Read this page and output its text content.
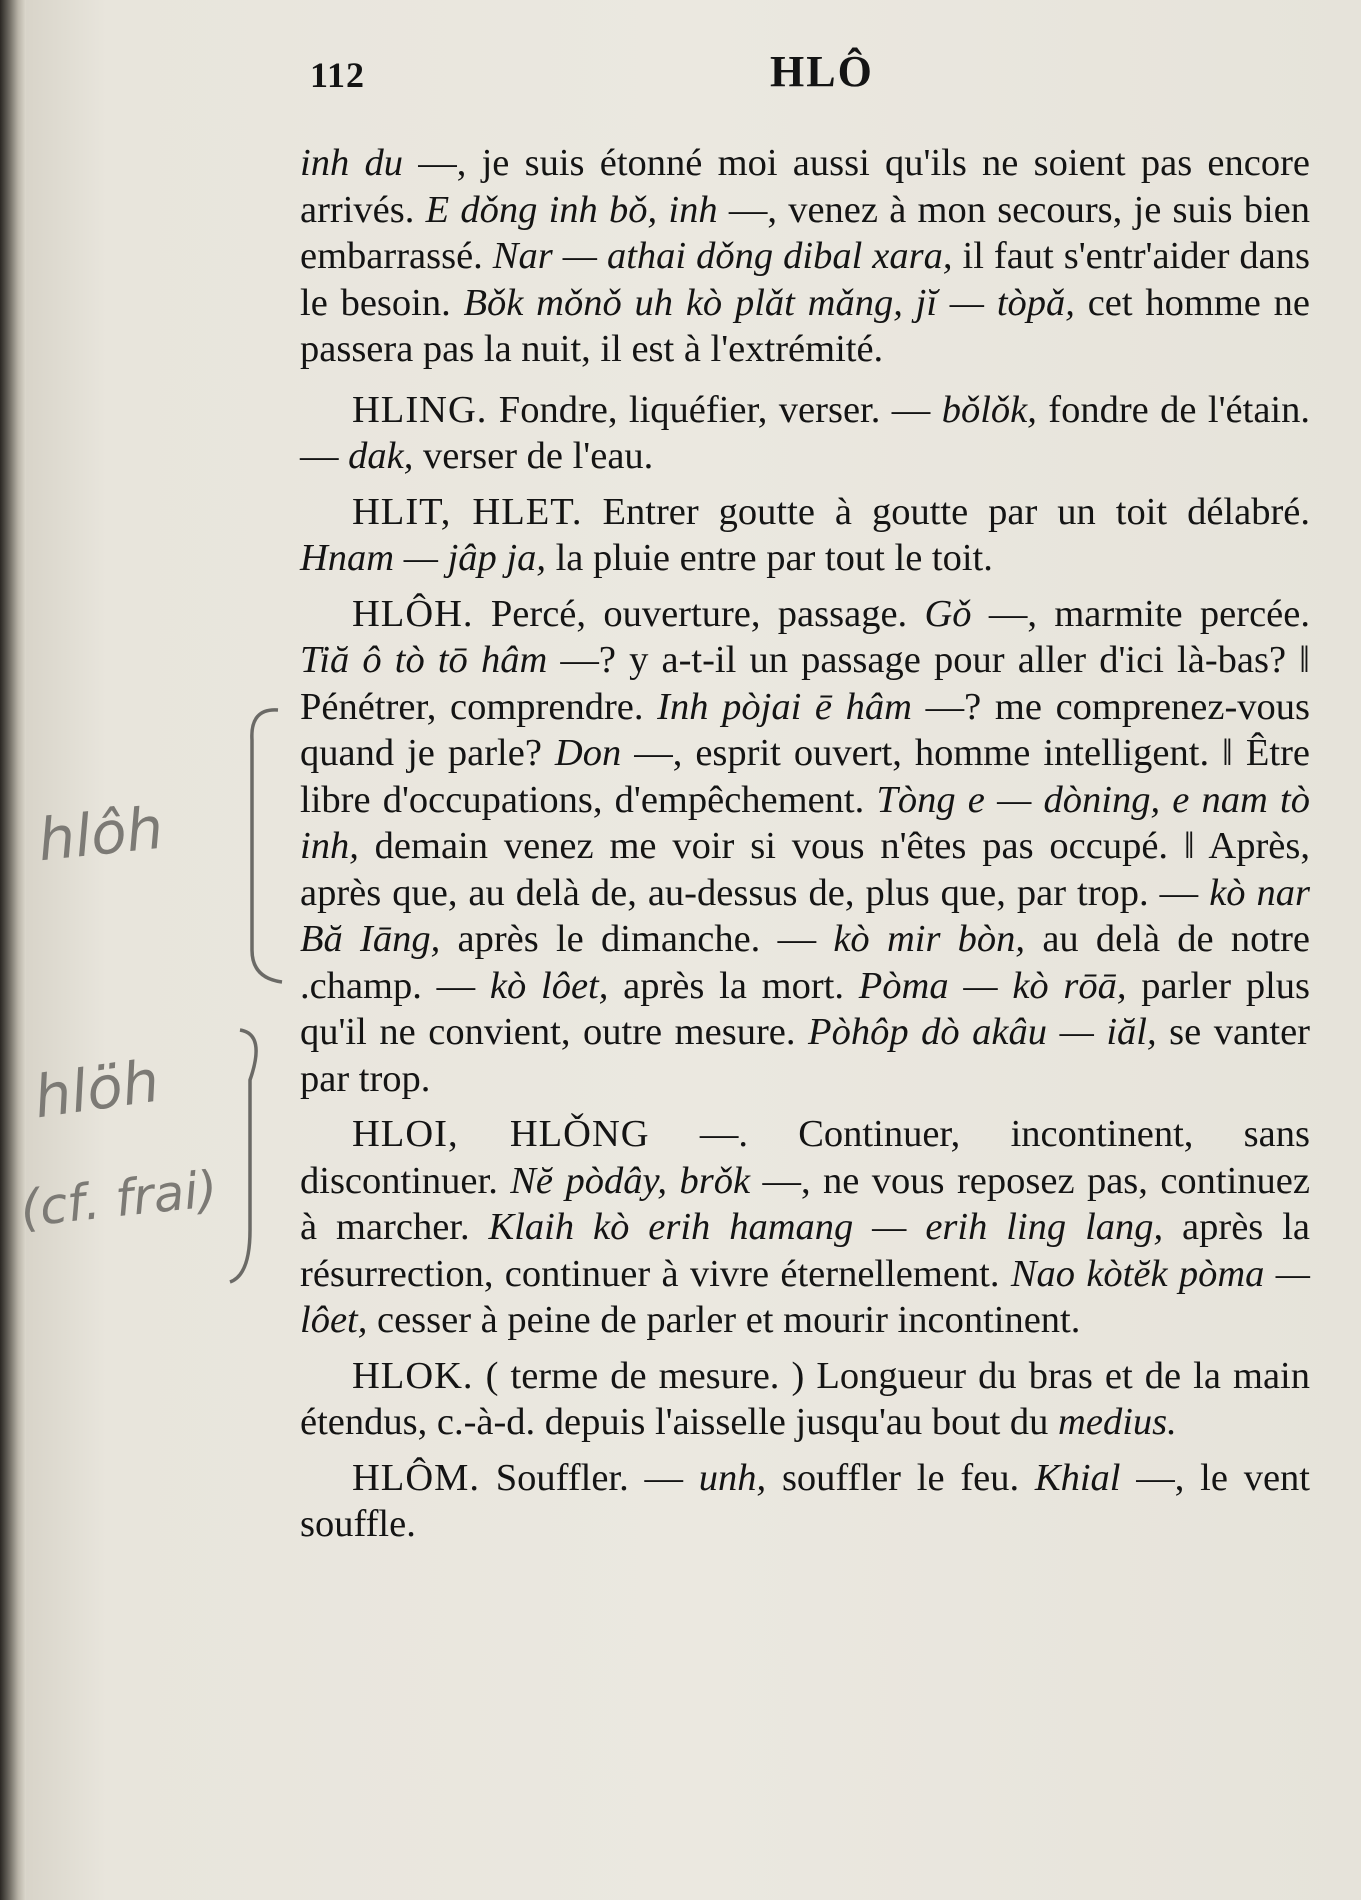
112	HLÔ
hlôh
hlöh
(cf. frai)

inh du —, je suis étonné moi aussi qu'ils ne soient pas encore arrivés. E dǒng inh bǒ, inh —, venez à mon secours, je suis bien embarrassé. Nar — athai dǒng dibal xara, il faut s'entr'aider dans le besoin. Bǒk mǒnǒ uh kò plǎt mǎng, jĭ — tòpǎ, cet homme ne passera pas la nuit, il est à l'extrémité.

HLING. Fondre, liquéfier, verser. — bǒlǒk, fondre de l'étain. — dak, verser de l'eau.

HLIT, HLET. Entrer goutte à goutte par un toit délabré. Hnam — jâp ja, la pluie entre par tout le toit.

HLÔH. Percé, ouverture, passage. Gǒ —, marmite percée. Tiă ô tò tō hâm —? y a-t-il un passage pour aller d'ici là-bas? ‖ Pénétrer, comprendre. Inh pòjai ē hâm —? me comprenez-vous quand je parle? Don —, esprit ouvert, homme intelligent. ‖ Être libre d'occupations, d'empêchement. Tòng e — dòning, e nam tò inh, demain venez me voir si vous n'êtes pas occupé. ‖ Après, après que, au delà de, au-dessus de, plus que, par trop. — kò nar Bă Iāng, après le dimanche. — kò mir bòn, au delà de notre .champ. — kò lôet, après la mort. Pòma — kò rōā, parler plus qu'il ne convient, outre mesure. Pòhôp dò akâu — iăl, se vanter par trop.

HLOI, HLǑNG —. Continuer, incontinent, sans discontinuer. Nĕ pòdây, brǒk —, ne vous reposez pas, continuez à marcher. Klaih kò erih hamang — erih ling lang, après la résurrection, continuer à vivre éternellement. Nao kòtĕk pòma — lôet, cesser à peine de parler et mourir incontinent.

HLOK. ( terme de mesure. ) Longueur du bras et de la main étendus, c.-à-d. depuis l'aisselle jusqu'au bout du medius.

HLÔM. Souffler. — unh, souffler le feu. Khial —, le vent souffle.
